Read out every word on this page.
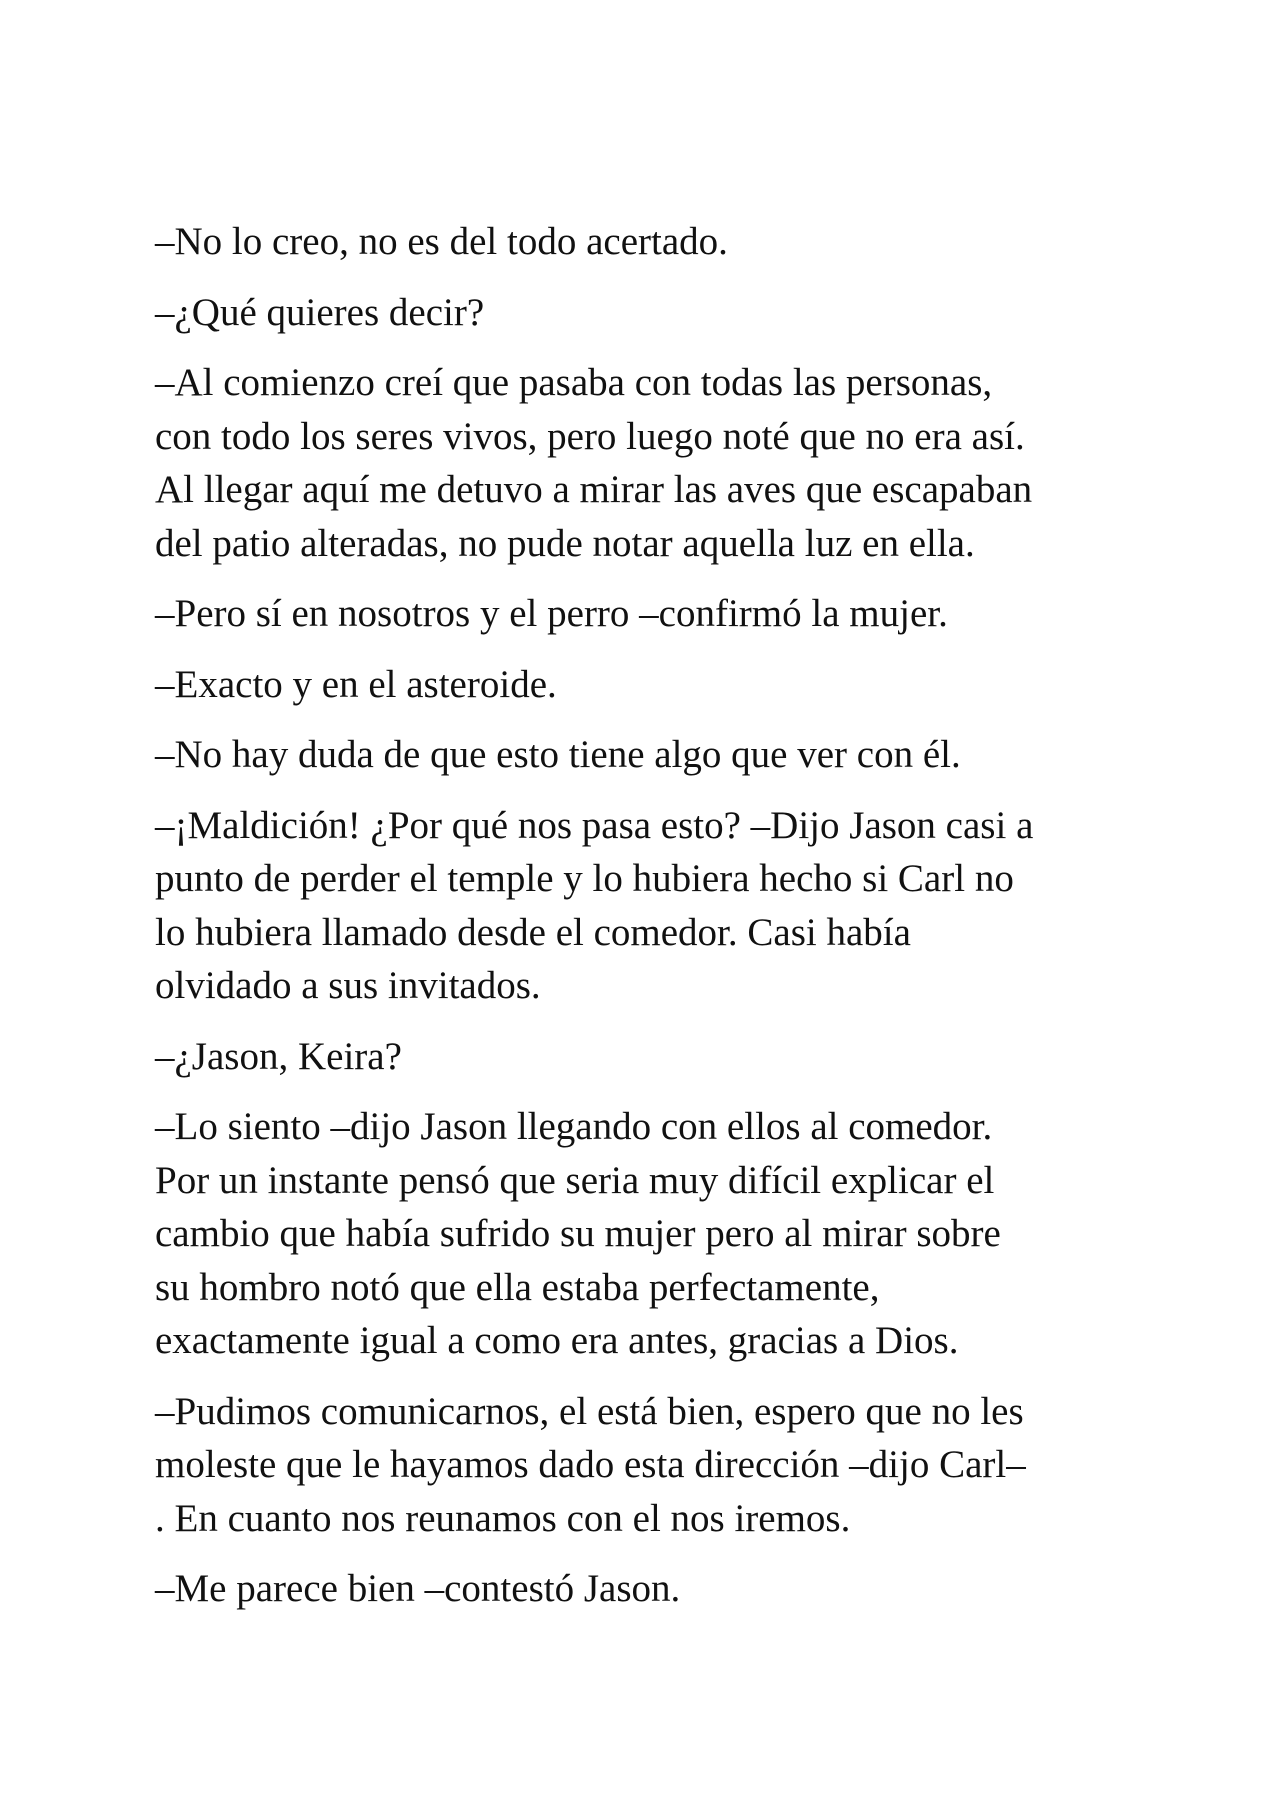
–No lo creo, no es del todo acertado.

–¿Qué quieres decir?

–Al comienzo creí que pasaba con todas las personas,
con todo los seres vivos, pero luego noté que no era así.
Al llegar aquí me detuvo a mirar las aves que escapaban
del patio alteradas, no pude notar aquella luz en ella.

–Pero sí en nosotros y el perro –confirmó la mujer.

–Exacto y en el asteroide.

–No hay duda de que esto tiene algo que ver con él.

–¡Maldición! ¿Por qué nos pasa esto? –Dijo Jason casi a
punto de perder el temple y lo hubiera hecho si Carl no
lo hubiera llamado desde el comedor. Casi había
olvidado a sus invitados.

–¿Jason, Keira?

–Lo siento –dijo Jason llegando con ellos al comedor.
Por un instante pensó que seria muy difícil explicar el
cambio que había sufrido su mujer pero al mirar sobre
su hombro notó que ella estaba perfectamente,
exactamente igual a como era antes, gracias a Dios.

–Pudimos comunicarnos, el está bien, espero que no les
moleste que le hayamos dado esta dirección –dijo Carl–
. En cuanto nos reunamos con el nos iremos.

–Me parece bien –contestó Jason.
